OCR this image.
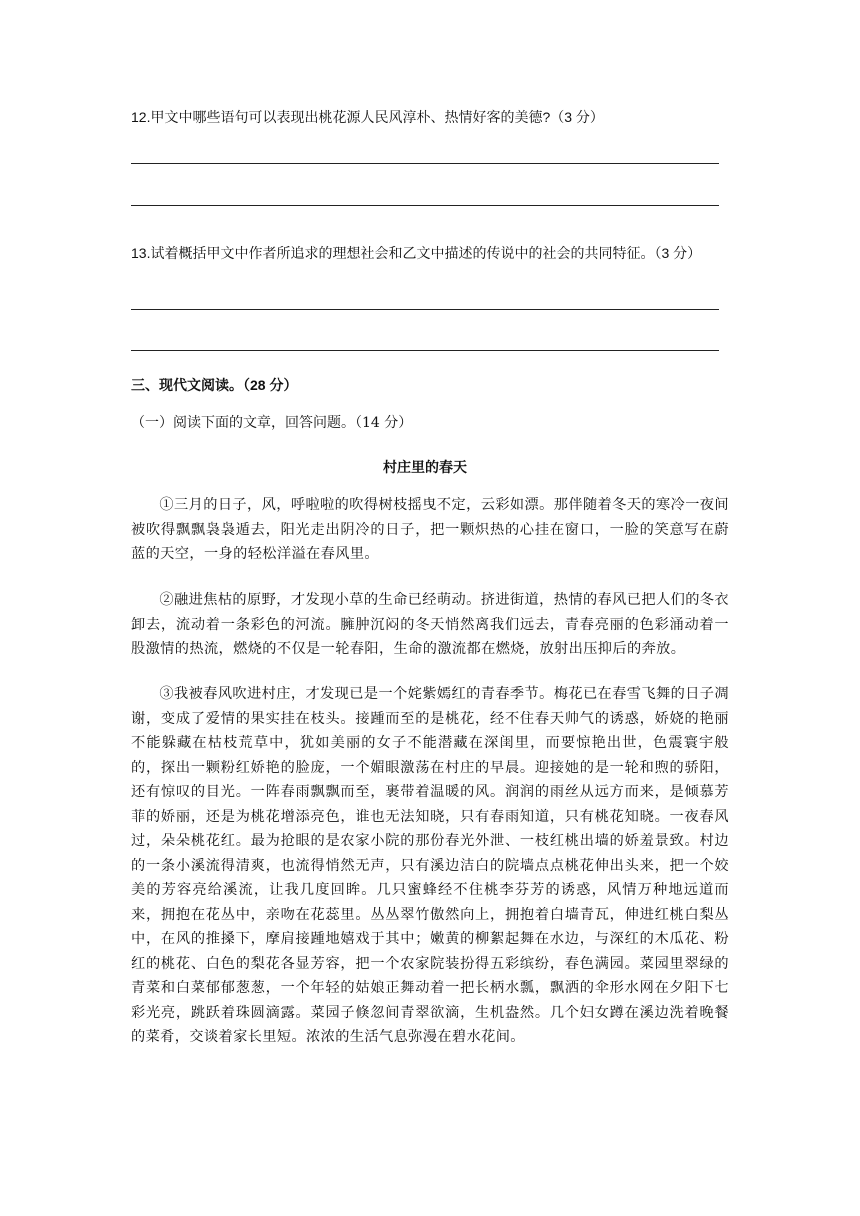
12.甲文中哪些语句可以表现出桃花源人民风淳朴、热情好客的美德?（3 分）
13.试着概括甲文中作者所追求的理想社会和乙文中描述的传说中的社会的共同特征。（3 分）
三、现代文阅读。（28 分）
（一）阅读下面的文章，回答问题。（14 分）
村庄里的春天
①三月的日子，风，呼啦啦的吹得树枝摇曳不定，云彩如漂。那伴随着冬天的寒冷一夜间被吹得飘飘袅袅遁去，阳光走出阴冷的日子，把一颗炽热的心挂在窗口，一脸的笑意写在蔚蓝的天空，一身的轻松洋溢在春风里。
②融进焦枯的原野，才发现小草的生命已经萌动。挤进街道，热情的春风已把人们的冬衣卸去，流动着一条彩色的河流。臃肿沉闷的冬天悄然离我们远去，青春亮丽的色彩涌动着一股激情的热流，燃烧的不仅是一轮春阳，生命的激流都在燃烧，放射出压抑后的奔放。
③我被春风吹进村庄，才发现已是一个姹紫嫣红的青春季节。梅花已在春雪飞舞的日子凋谢，变成了爱情的果实挂在枝头。接踵而至的是桃花，经不住春天帅气的诱惑，娇娆的艳丽不能躲藏在枯枝荒草中，犹如美丽的女子不能潜藏在深闺里，而要惊艳出世，色震寰宇般的，探出一颗粉红娇艳的脸庞，一个媚眼激荡在村庄的早晨。迎接她的是一轮和煦的骄阳，还有惊叹的目光。一阵春雨飘飘而至，裹带着温暖的风。润润的雨丝从远方而来，是倾慕芳菲的娇丽，还是为桃花增添亮色，谁也无法知晓，只有春雨知道，只有桃花知晓。一夜春风过，朵朵桃花红。最为抢眼的是农家小院的那份春光外泄、一枝红桃出墙的娇羞景致。村边的一条小溪流得清爽，也流得悄然无声，只有溪边洁白的院墙点点桃花伸出头来，把一个姣美的芳容亮给溪流，让我几度回眸。几只蜜蜂经不住桃李芬芳的诱惑，风情万种地远道而来，拥抱在花丛中，亲吻在花蕊里。丛丛翠竹傲然向上，拥抱着白墙青瓦，伸进红桃白梨丛中，在风的推搡下，摩肩接踵地嬉戏于其中；嫩黄的柳絮起舞在水边，与深红的木瓜花、粉红的桃花、白色的梨花各显芳容，把一个农家院装扮得五彩缤纷，春色满园。菜园里翠绿的青菜和白菜郁郁葱葱，一个年轻的姑娘正舞动着一把长柄水瓢，飘洒的伞形水网在夕阳下七彩光亮，跳跃着珠圆滴露。菜园子倏忽间青翠欲滴，生机盎然。几个妇女蹲在溪边洗着晚餐的菜肴，交谈着家长里短。浓浓的生活气息弥漫在碧水花间。
